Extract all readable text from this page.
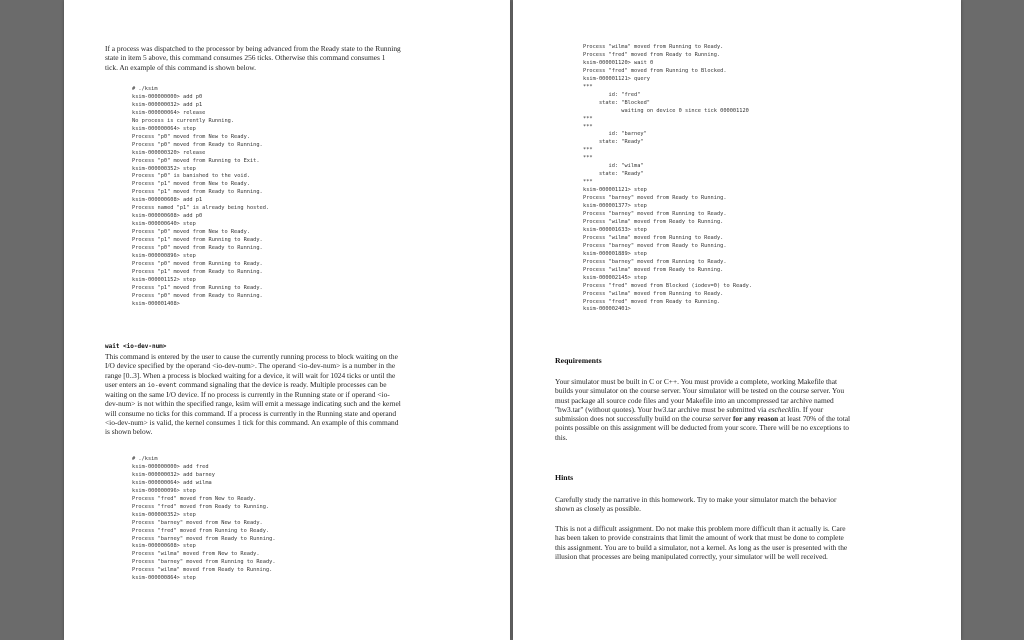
If a process was dispatched to the processor by being advanced from the Ready state to the Running
state in item 5 above, this command consumes 256 ticks. Otherwise this command consumes 1
tick. An example of this command is shown below.
# ./ksim
ksim-000000000> add p0
ksim-000000032> add p1
ksim-000000064> release
No process is currently Running.
ksim-000000064> step
Process "p0" moved from New to Ready.
Process "p0" moved from Ready to Running.
ksim-000000320> release
Process "p0" moved from Running to Exit.
ksim-000000352> step
Process "p0" is banished to the void.
Process "p1" moved from New to Ready.
Process "p1" moved from Ready to Running.
ksim-000000608> add p1
Process named "p1" is already being hosted.
ksim-000000608> add p0
ksim-000000640> step
Process "p0" moved from New to Ready.
Process "p1" moved from Running to Ready.
Process "p0" moved from Ready to Running.
ksim-000000896> step
Process "p0" moved from Running to Ready.
Process "p1" moved from Ready to Running.
ksim-000001152> step
Process "p1" moved from Running to Ready.
Process "p0" moved from Ready to Running.
ksim-000001408>
wait <io-dev-num>
This command is entered by the user to cause the currently running process to block waiting on the
I/O device specified by the operand <io-dev-num>. The operand <io-dev-num> is a number in the
range [0..3]. When a process is blocked waiting for a device, it will wait for 1024 ticks or until the
user enters an io-event command signaling that the device is ready. Multiple processes can be
waiting on the same I/O device. If no process is currently in the Running state or if operand <io-
dev-num> is not within the specified range, ksim will emit a message indicating such and the kernel
will consume no ticks for this command. If a process is currently in the Running state and operand
<io-dev-num> is valid, the kernel consumes 1 tick for this command. An example of this command
is shown below.
# ./ksim
ksim-000000000> add fred
ksim-000000032> add barney
ksim-000000064> add wilma
ksim-000000096> step
Process "fred" moved from New to Ready.
Process "fred" moved from Ready to Running.
ksim-000000352> step
Process "barney" moved from New to Ready.
Process "fred" moved from Running to Ready.
Process "barney" moved from Ready to Running.
ksim-000000608> step
Process "wilma" moved from New to Ready.
Process "barney" moved from Running to Ready.
Process "wilma" moved from Ready to Running.
ksim-000000864> step
Process "wilma" moved from Running to Ready.
Process "fred" moved from Ready to Running.
ksim-000001120> wait 0
Process "fred" moved from Running to Blocked.
ksim-000001121> query
***
id: "fred"
state: "Blocked"
waiting on device 0 since tick 000001120
***
***
id: "barney"
state: "Ready"
***
***
id: "wilma"
state: "Ready"
***
ksim-000001121> step
Process "barney" moved from Ready to Running.
ksim-000001377> step
Process "barney" moved from Running to Ready.
Process "wilma" moved from Ready to Running.
ksim-000001633> step
Process "wilma" moved from Running to Ready.
Process "barney" moved from Ready to Running.
ksim-000001889> step
Process "barney" moved from Running to Ready.
Process "wilma" moved from Ready to Running.
ksim-000002145> step
Process "fred" moved from Blocked (iodev=0) to Ready.
Process "wilma" moved from Running to Ready.
Process "fred" moved from Ready to Running.
ksim-000002401>
Requirements
Your simulator must be built in C or C++. You must provide a complete, working Makefile that
builds your simulator on the course server. Your simulator will be tested on the course server. You
must package all source code files and your Makefile into an uncompressed tar archive named
"hw3.tar" (without quotes). Your hw3.tar archive must be submitted via eschecklin. If your
submission does not successfully build on the course server for any reason at least 70% of the total
points possible on this assignment will be deducted from your score. There will be no exceptions to
this.
Hints
Carefully study the narrative in this homework. Try to make your simulator match the behavior
shown as closely as possible.
This is not a difficult assignment. Do not make this problem more difficult than it actually is. Care
has been taken to provide constraints that limit the amount of work that must be done to complete
this assignment. You are to build a simulator, not a kernel. As long as the user is presented with the
illusion that processes are being manipulated correctly, your simulator will be well received.
